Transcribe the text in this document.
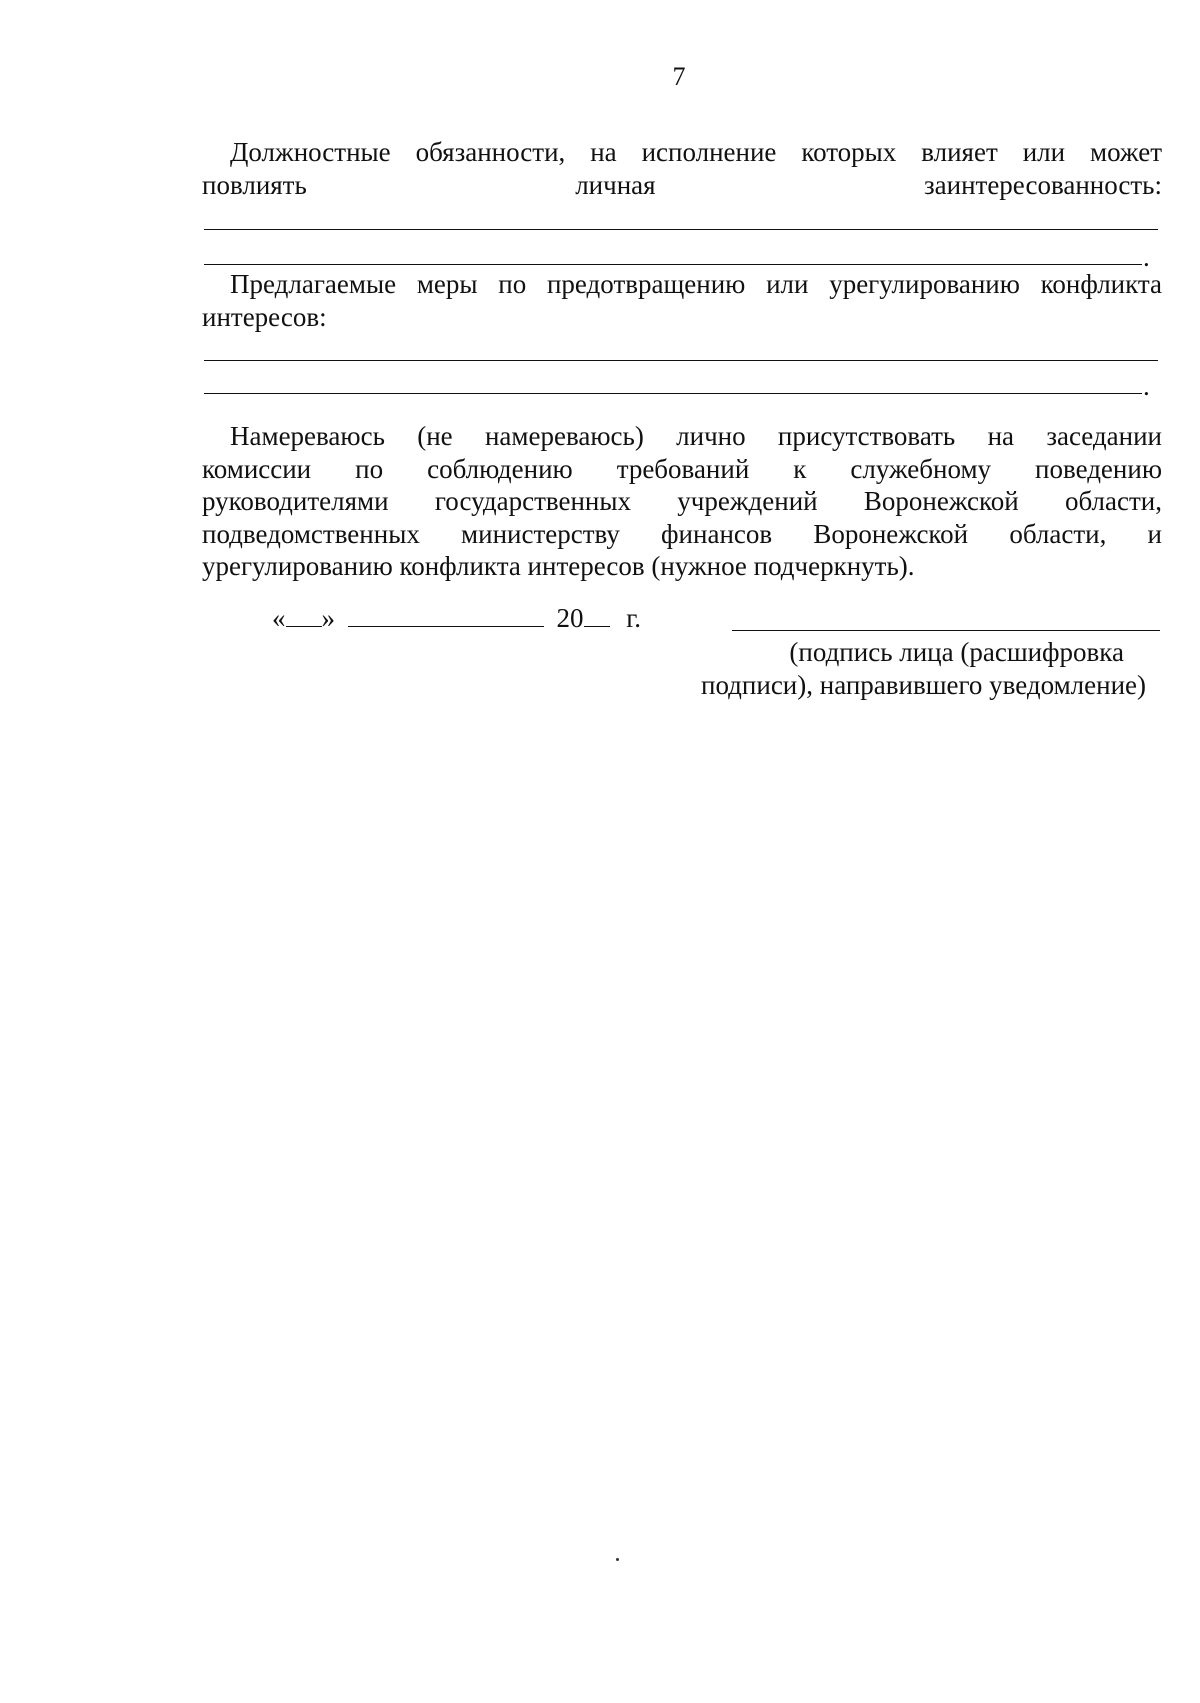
7
Должностные обязанности, на исполнение которых влияет или может
повлиять личная заинтересованность:
.
Предлагаемые меры по предотвращению или урегулированию конфликта
интересов:
.
Намереваюсь (не намереваюсь) лично присутствовать на заседании
комиссии по соблюдению требований к служебному поведению
руководителями государственных учреждений Воронежской области,
подведомственных министерству финансов Воронежской области, и
урегулированию конфликта интересов (нужное подчеркнуть).
« »	20 г.
(подпись лица (расшифровка
подписи), направившего уведомление)
